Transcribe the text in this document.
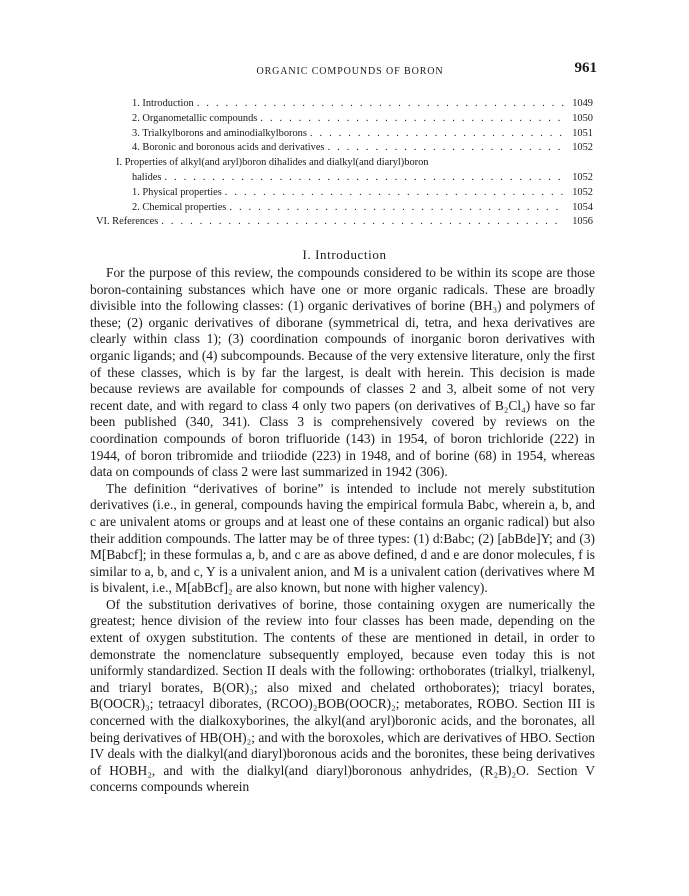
ORGANIC COMPOUNDS OF BORON	961
1. Introduction . . .	1049
2. Organometallic compounds . . .	1050
3. Trialkylborons and aminodialkylborons . . .	1051
4. Boronic and boronous acids and derivatives . . .	1052
I. Properties of alkyl(and aryl)boron dihalides and dialkyl(and diaryl)boron
halides . . .	1052
1. Physical properties . . .	1052
2. Chemical properties . . .	1054
VI. References . . .	1056
I. Introduction

For the purpose of this review, the compounds considered to be within its scope are those boron-containing substances which have one or more organic radicals. These are broadly divisible into the following classes: (1) organic derivatives of borine (BH₃) and polymers of these; (2) organic derivatives of diborane (symmetrical di, tetra, and hexa derivatives are clearly within class 1); (3) coordination compounds of inorganic boron derivatives with organic ligands; and (4) subcompounds. Because of the very extensive literature, only the first of these classes, which is by far the largest, is dealt with herein. This decision is made because reviews are available for compounds of classes 2 and 3, albeit some of not very recent date, and with regard to class 4 only two papers (on derivatives of B₂Cl₄) have so far been published (340, 341). Class 3 is comprehensively covered by reviews on the coordination compounds of boron trifluoride (143) in 1954, of boron trichloride (222) in 1944, of boron tribromide and triiodide (223) in 1948, and of borine (68) in 1954, whereas data on compounds of class 2 were last summarized in 1942 (306).

The definition “derivatives of borine” is intended to include not merely substitution derivatives (i.e., in general, compounds having the empirical formula Babc, wherein a, b, and c are univalent atoms or groups and at least one of these contains an organic radical) but also their addition compounds. The latter may be of three types: (1) d:Babc; (2) [abBde]Y; and (3) M[Babcf]; in these formulas a, b, and c are as above defined, d and e are donor molecules, f is similar to a, b, and c, Y is a univalent anion, and M is a univalent cation (derivatives where M is bivalent, i.e., M[abBcf]₂ are also known, but none with higher valency).

Of the substitution derivatives of borine, those containing oxygen are numerically the greatest; hence division of the review into four classes has been made, depending on the extent of oxygen substitution. The contents of these are mentioned in detail, in order to demonstrate the nomenclature subsequently employed, because even today this is not uniformly standardized. Section II deals with the following: orthoborates (trialkyl, trialkenyl, and triaryl borates, B(OR)₃; also mixed and chelated orthoborates); triacyl borates, B(OOCR)₃; tetraacyl diborates, (RCOO)₂BOB(OOCR)₂; metaborates, ROBO. Section III is concerned with the dialkoxyborines, the alkyl(and aryl)boronic acids, and the boronates, all being derivatives of HB(OH)₂; and with the boroxoles, which are derivatives of HBO. Section IV deals with the dialkyl(and diaryl)boronous acids and the boronites, these being derivatives of HOBH₂, and with the dialkyl(and diaryl)boronous anhydrides, (R₂B)₂O. Section V concerns compounds wherein
